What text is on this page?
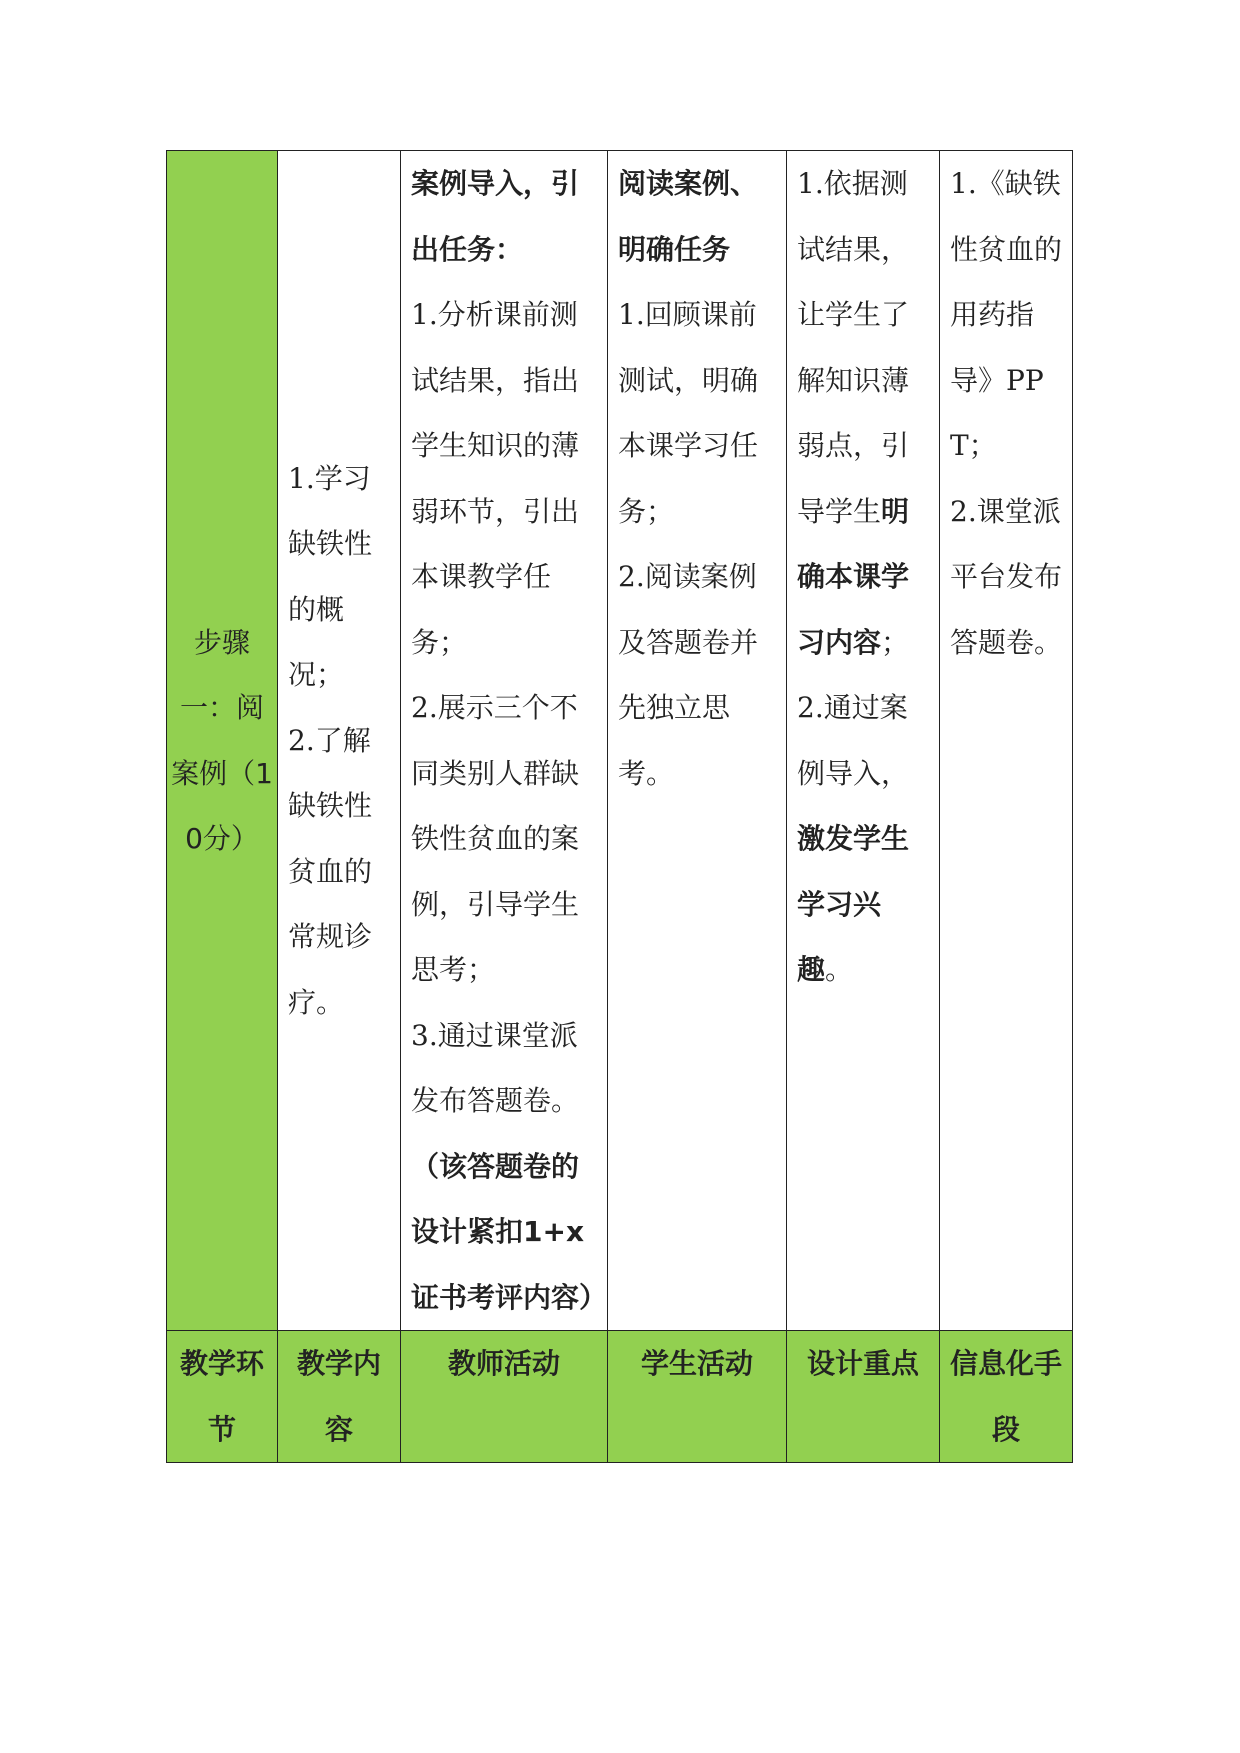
步骤一：阅案例（10分）	1.学习缺铁性的概况；
2.了解缺铁性贫血的常规诊疗。	案例导入，引出任务：
1.分析课前测试结果，指出学生知识的薄弱环节，引出本课教学任务；
2.展示三个不同类别人群缺铁性贫血的案例，引导学生思考；
3.通过课堂派发布答题卷。
（该答题卷的设计紧扣1+x证书考评内容）	阅读案例、明确任务
1.回顾课前测试，明确本课学习任务；
2.阅读案例及答题卷并先独立思考。	1.依据测试结果，让学生了解知识薄弱点，引导学生明确本课学习内容；
2.通过案例导入，激发学生学习兴趣。	1.《缺铁性贫血的用药指导》PPT；
2.课堂派平台发布答题卷。

教学环节	教学内容	教师活动	学生活动	设计重点	信息化手段
